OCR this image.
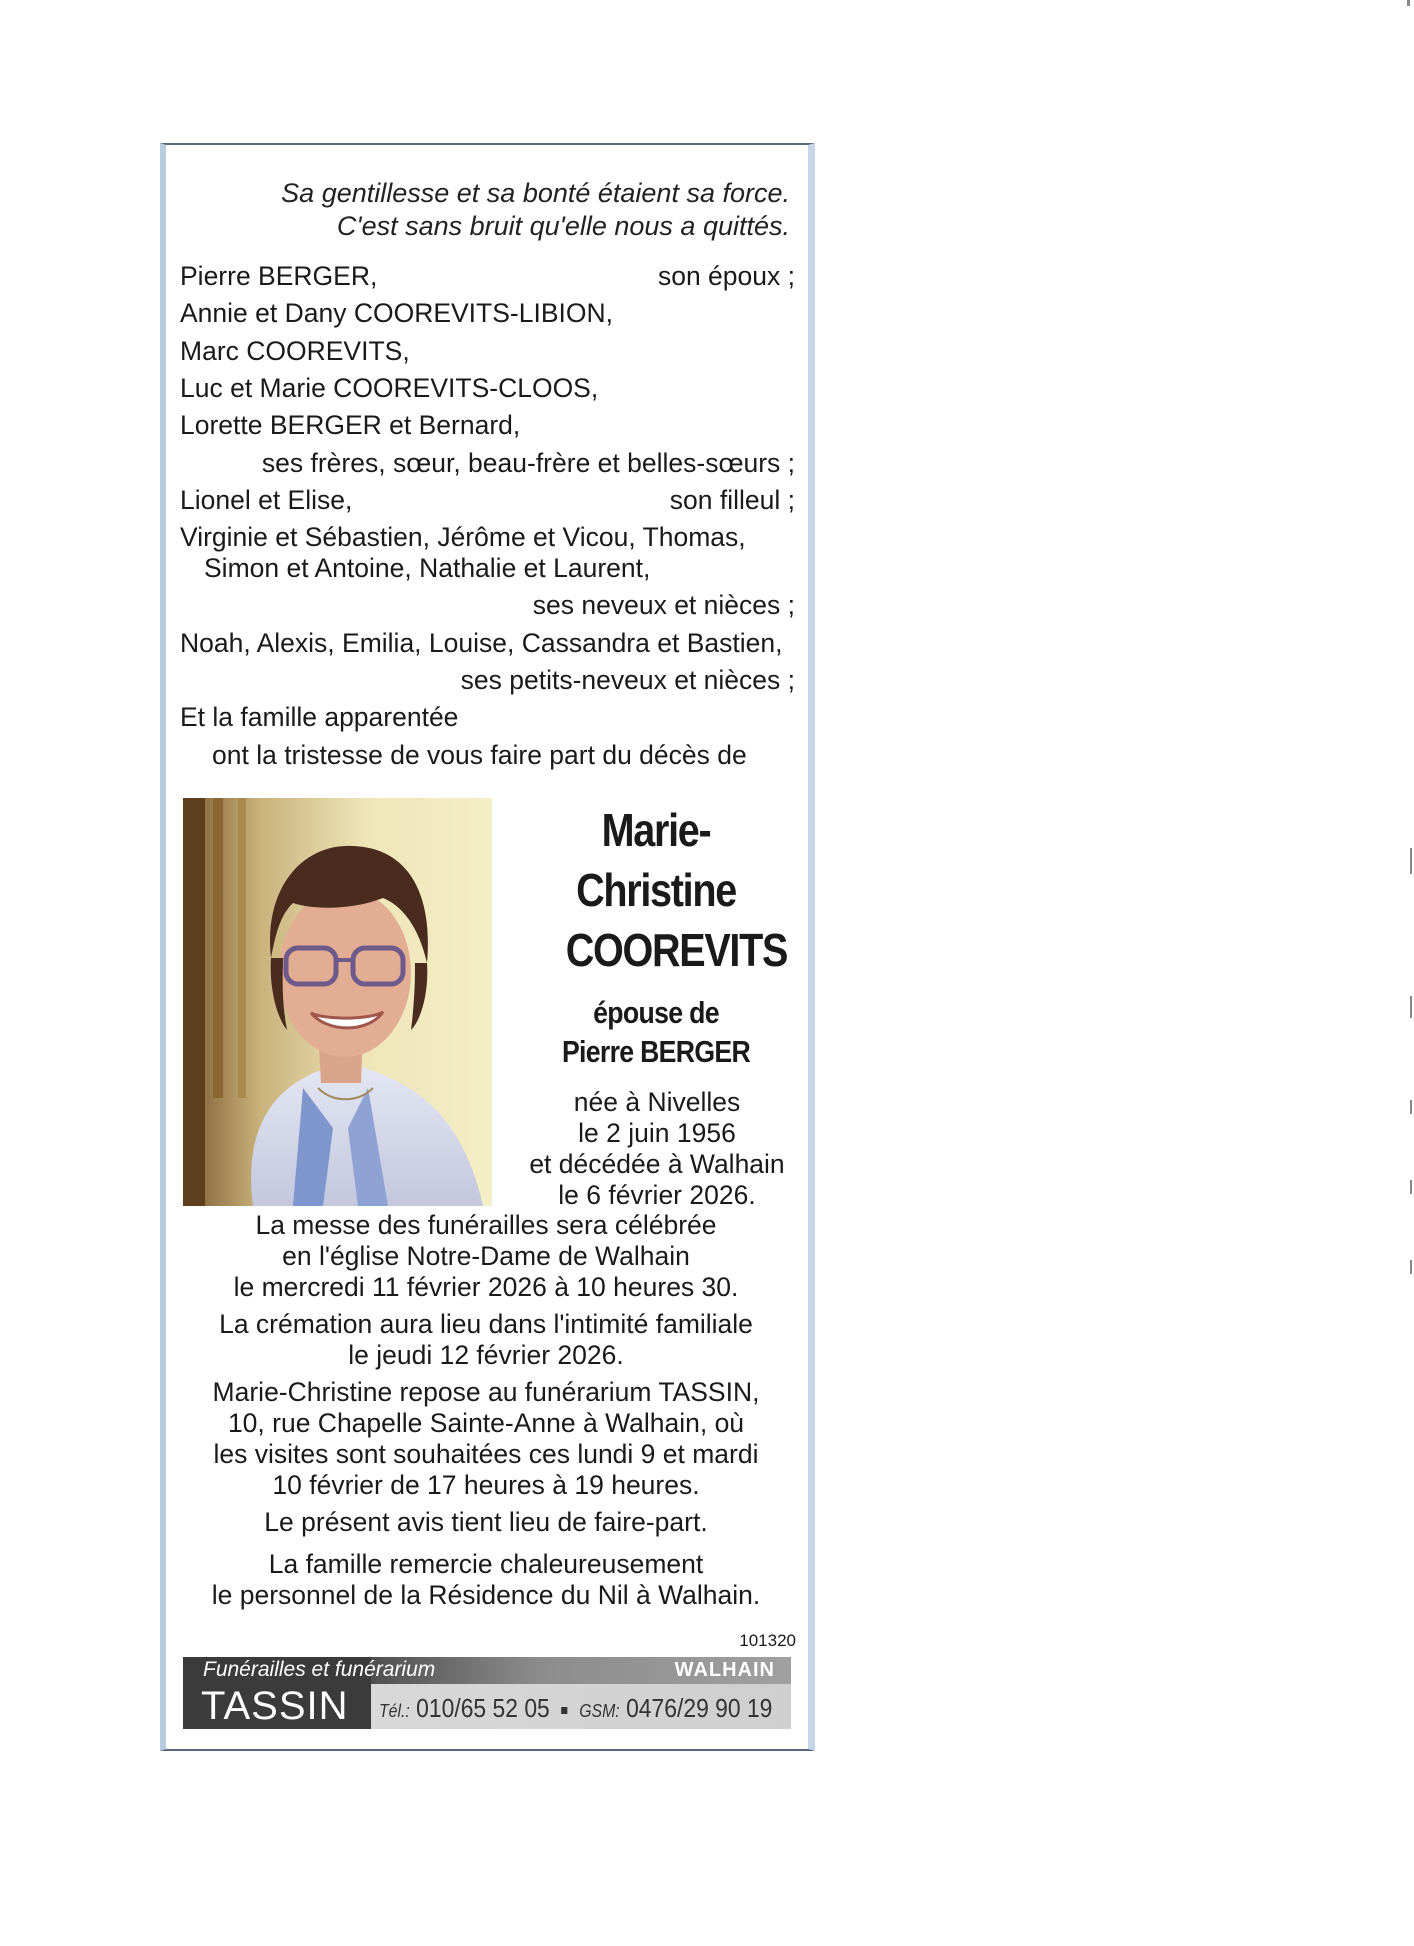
Sa gentillesse et sa bonté étaient sa force.
C'est sans bruit qu'elle nous a quittés.
Pierre BERGER,	son époux ;
Annie et Dany COOREVITS-LIBION,
Marc COOREVITS,
Luc et Marie COOREVITS-CLOOS,
Lorette BERGER et Bernard,
ses frères, sœur, beau-frère et belles-sœurs ;
Lionel et Elise,	son filleul ;
Virginie et Sébastien, Jérôme et Vicou, Thomas,
Simon et Antoine, Nathalie et Laurent,
ses neveux et nièces ;
Noah, Alexis, Emilia, Louise, Cassandra et Bastien,
ses petits-neveux et nièces ;
Et la famille apparentée
ont la tristesse de vous faire part du décès de
Marie-
Christine
COOREVITS
épouse de
Pierre BERGER
née à Nivelles
le 2 juin 1956
et décédée à Walhain
le 6 février 2026.
La messe des funérailles sera célébrée
en l'église Notre-Dame de Walhain
le mercredi 11 février 2026 à 10 heures 30.
La crémation aura lieu dans l'intimité familiale
le jeudi 12 février 2026.
Marie-Christine repose au funérarium TASSIN,
10, rue Chapelle Sainte-Anne à Walhain, où
les visites sont souhaitées ces lundi 9 et mardi
10 février de 17 heures à 19 heures.
Le présent avis tient lieu de faire-part.
La famille remercie chaleureusement
le personnel de la Résidence du Nil à Walhain.
101320
Funérailles et funérarium
TASSIN
WALHAIN
Tél.: 010/65 52 05 GSM: 0476/29 90 19
